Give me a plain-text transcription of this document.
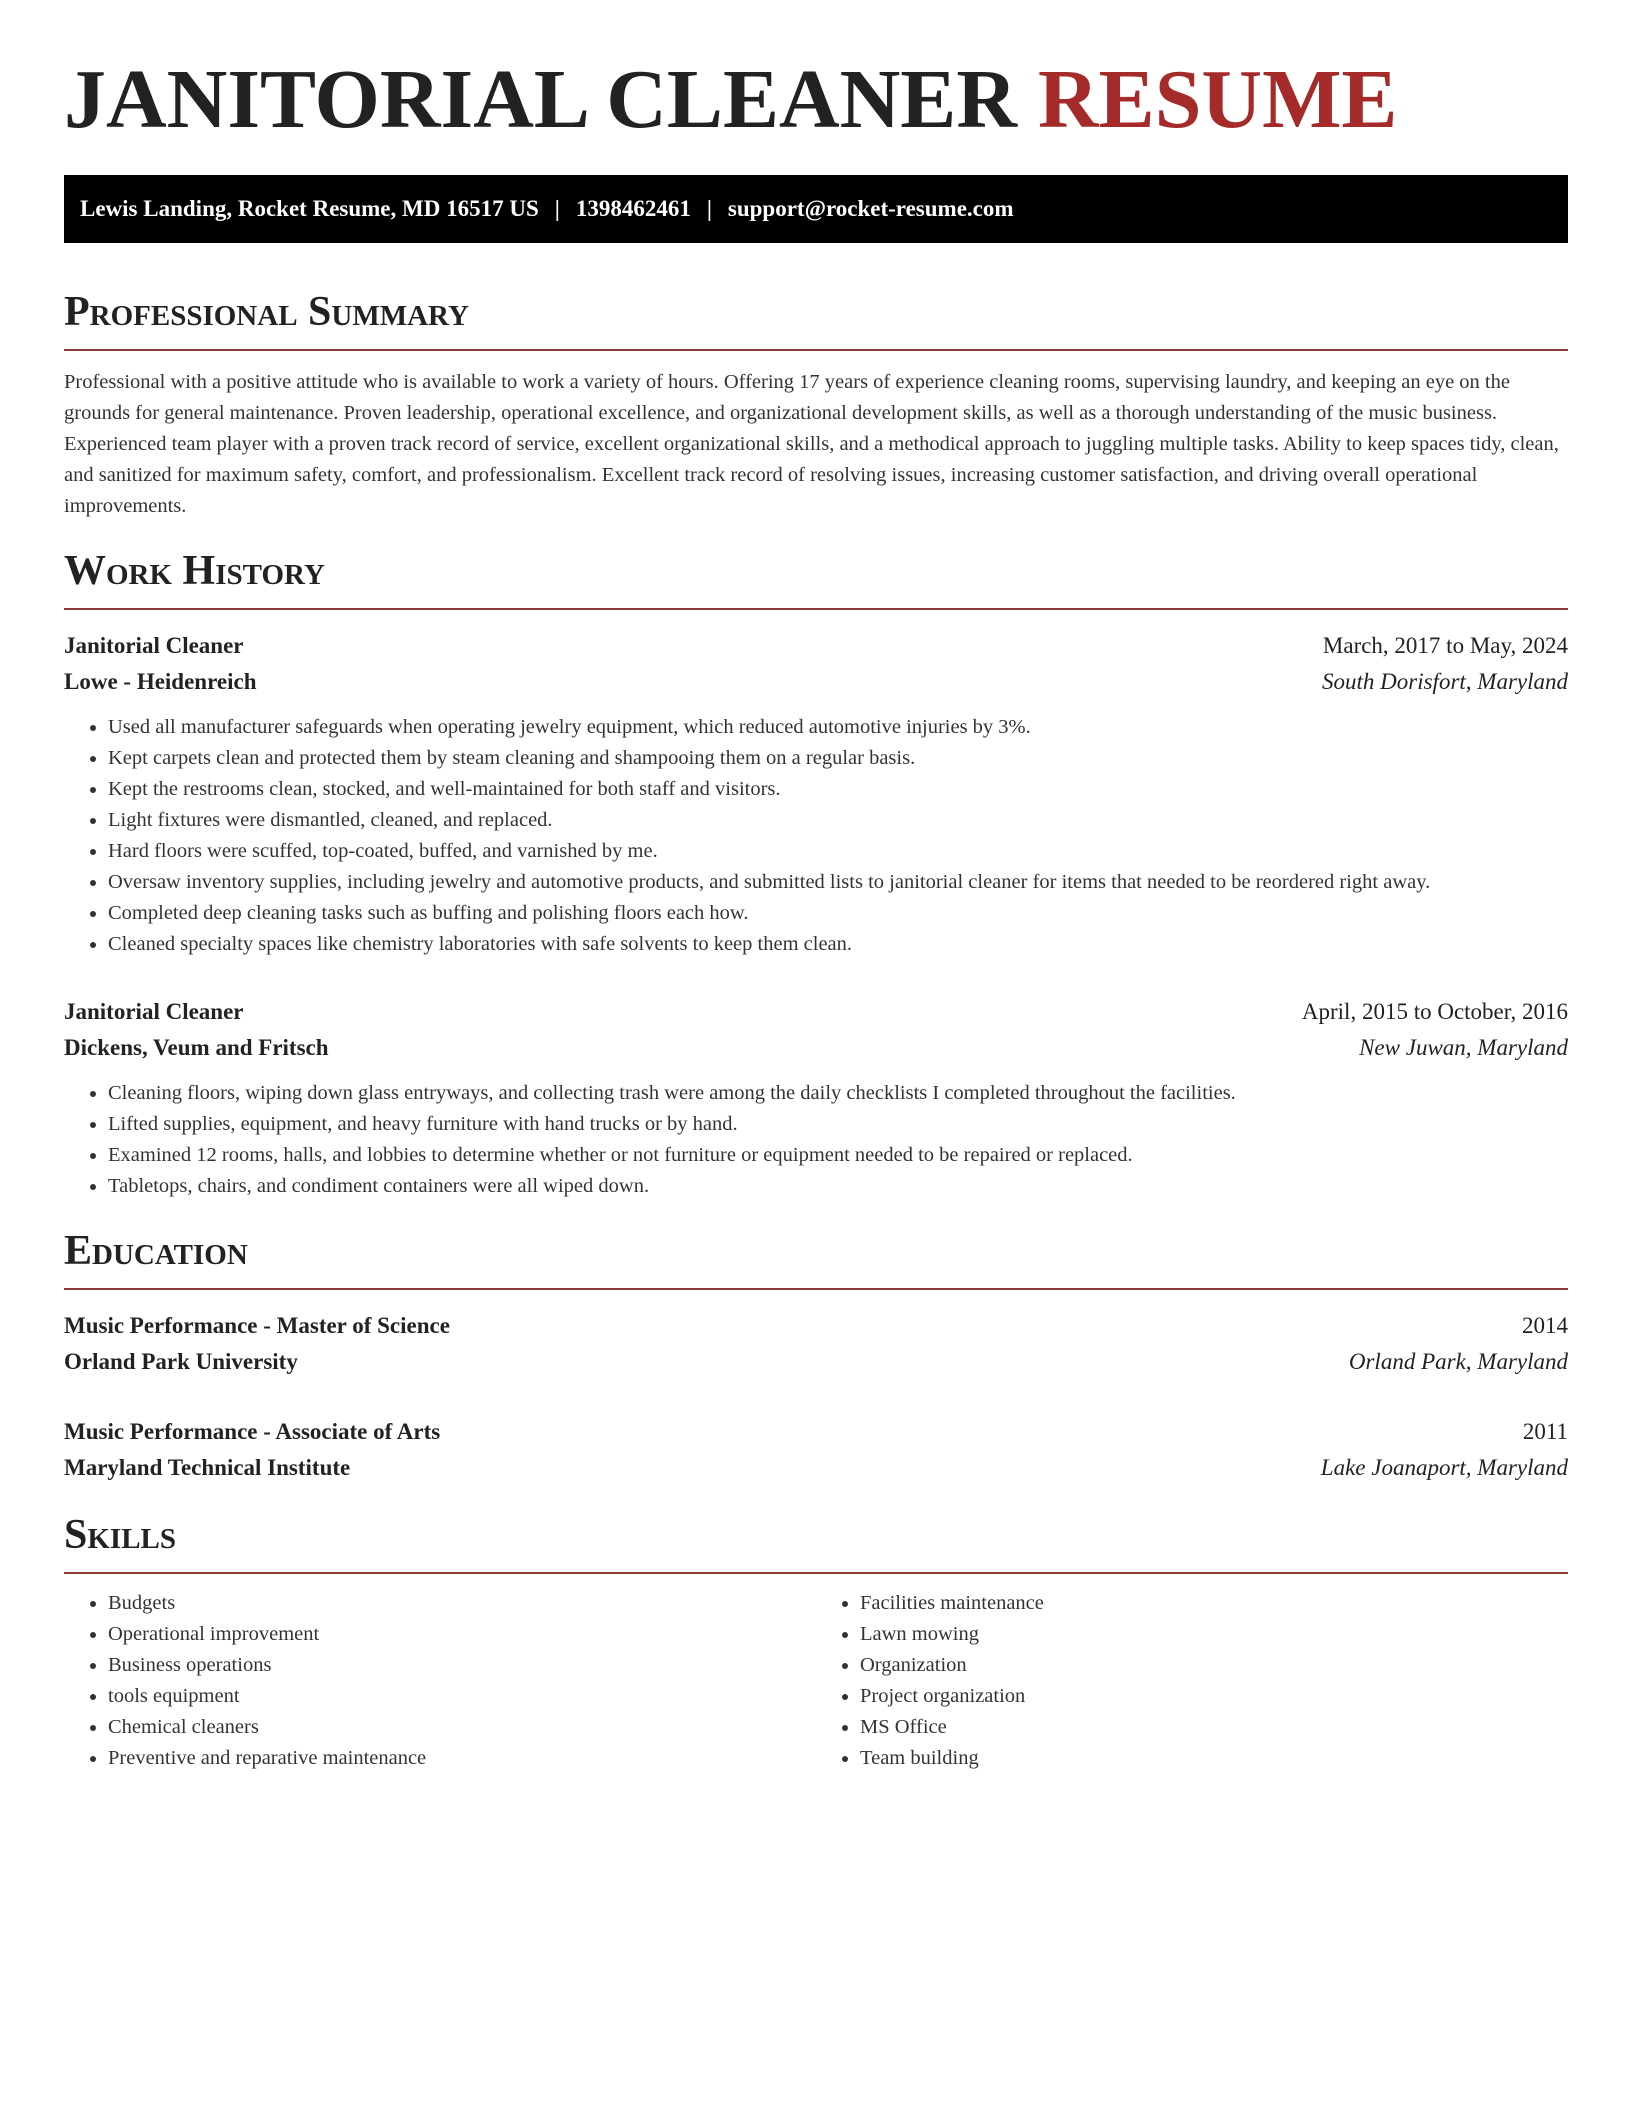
JANITORIAL CLEANER RESUME
Lewis Landing, Rocket Resume, MD 16517 US | 1398462461 | support@rocket-resume.com
Professional Summary

Professional with a positive attitude who is available to work a variety of hours. Offering 17 years of experience cleaning rooms, supervising laundry, and keeping an eye on the grounds for general maintenance. Proven leadership, operational excellence, and organizational development skills, as well as a thorough understanding of the music business. Experienced team player with a proven track record of service, excellent organizational skills, and a methodical approach to juggling multiple tasks. Ability to keep spaces tidy, clean, and sanitized for maximum safety, comfort, and professionalism. Excellent track record of resolving issues, increasing customer satisfaction, and driving overall operational improvements.

Work History
Janitorial Cleaner	March, 2017 to May, 2024
Lowe - Heidenreich	South Dorisfort, Maryland
• Used all manufacturer safeguards when operating jewelry equipment, which reduced automotive injuries by 3%.
• Kept carpets clean and protected them by steam cleaning and shampooing them on a regular basis.
• Kept the restrooms clean, stocked, and well-maintained for both staff and visitors.
• Light fixtures were dismantled, cleaned, and replaced.
• Hard floors were scuffed, top-coated, buffed, and varnished by me.
• Oversaw inventory supplies, including jewelry and automotive products, and submitted lists to janitorial cleaner for items that needed to be reordered right away.
• Completed deep cleaning tasks such as buffing and polishing floors each how.
• Cleaned specialty spaces like chemistry laboratories with safe solvents to keep them clean.
Janitorial Cleaner	April, 2015 to October, 2016
Dickens, Veum and Fritsch	New Juwan, Maryland
• Cleaning floors, wiping down glass entryways, and collecting trash were among the daily checklists I completed throughout the facilities.
• Lifted supplies, equipment, and heavy furniture with hand trucks or by hand.
• Examined 12 rooms, halls, and lobbies to determine whether or not furniture or equipment needed to be repaired or replaced.
• Tabletops, chairs, and condiment containers were all wiped down.
Education
Music Performance - Master of Science	2014
Orland Park University	Orland Park, Maryland
Music Performance - Associate of Arts	2011
Maryland Technical Institute	Lake Joanaport, Maryland
Skills
• Budgets
• Operational improvement
• Business operations
• tools equipment
• Chemical cleaners
• Preventive and reparative maintenance
• Facilities maintenance
• Lawn mowing
• Organization
• Project organization
• MS Office
• Team building
